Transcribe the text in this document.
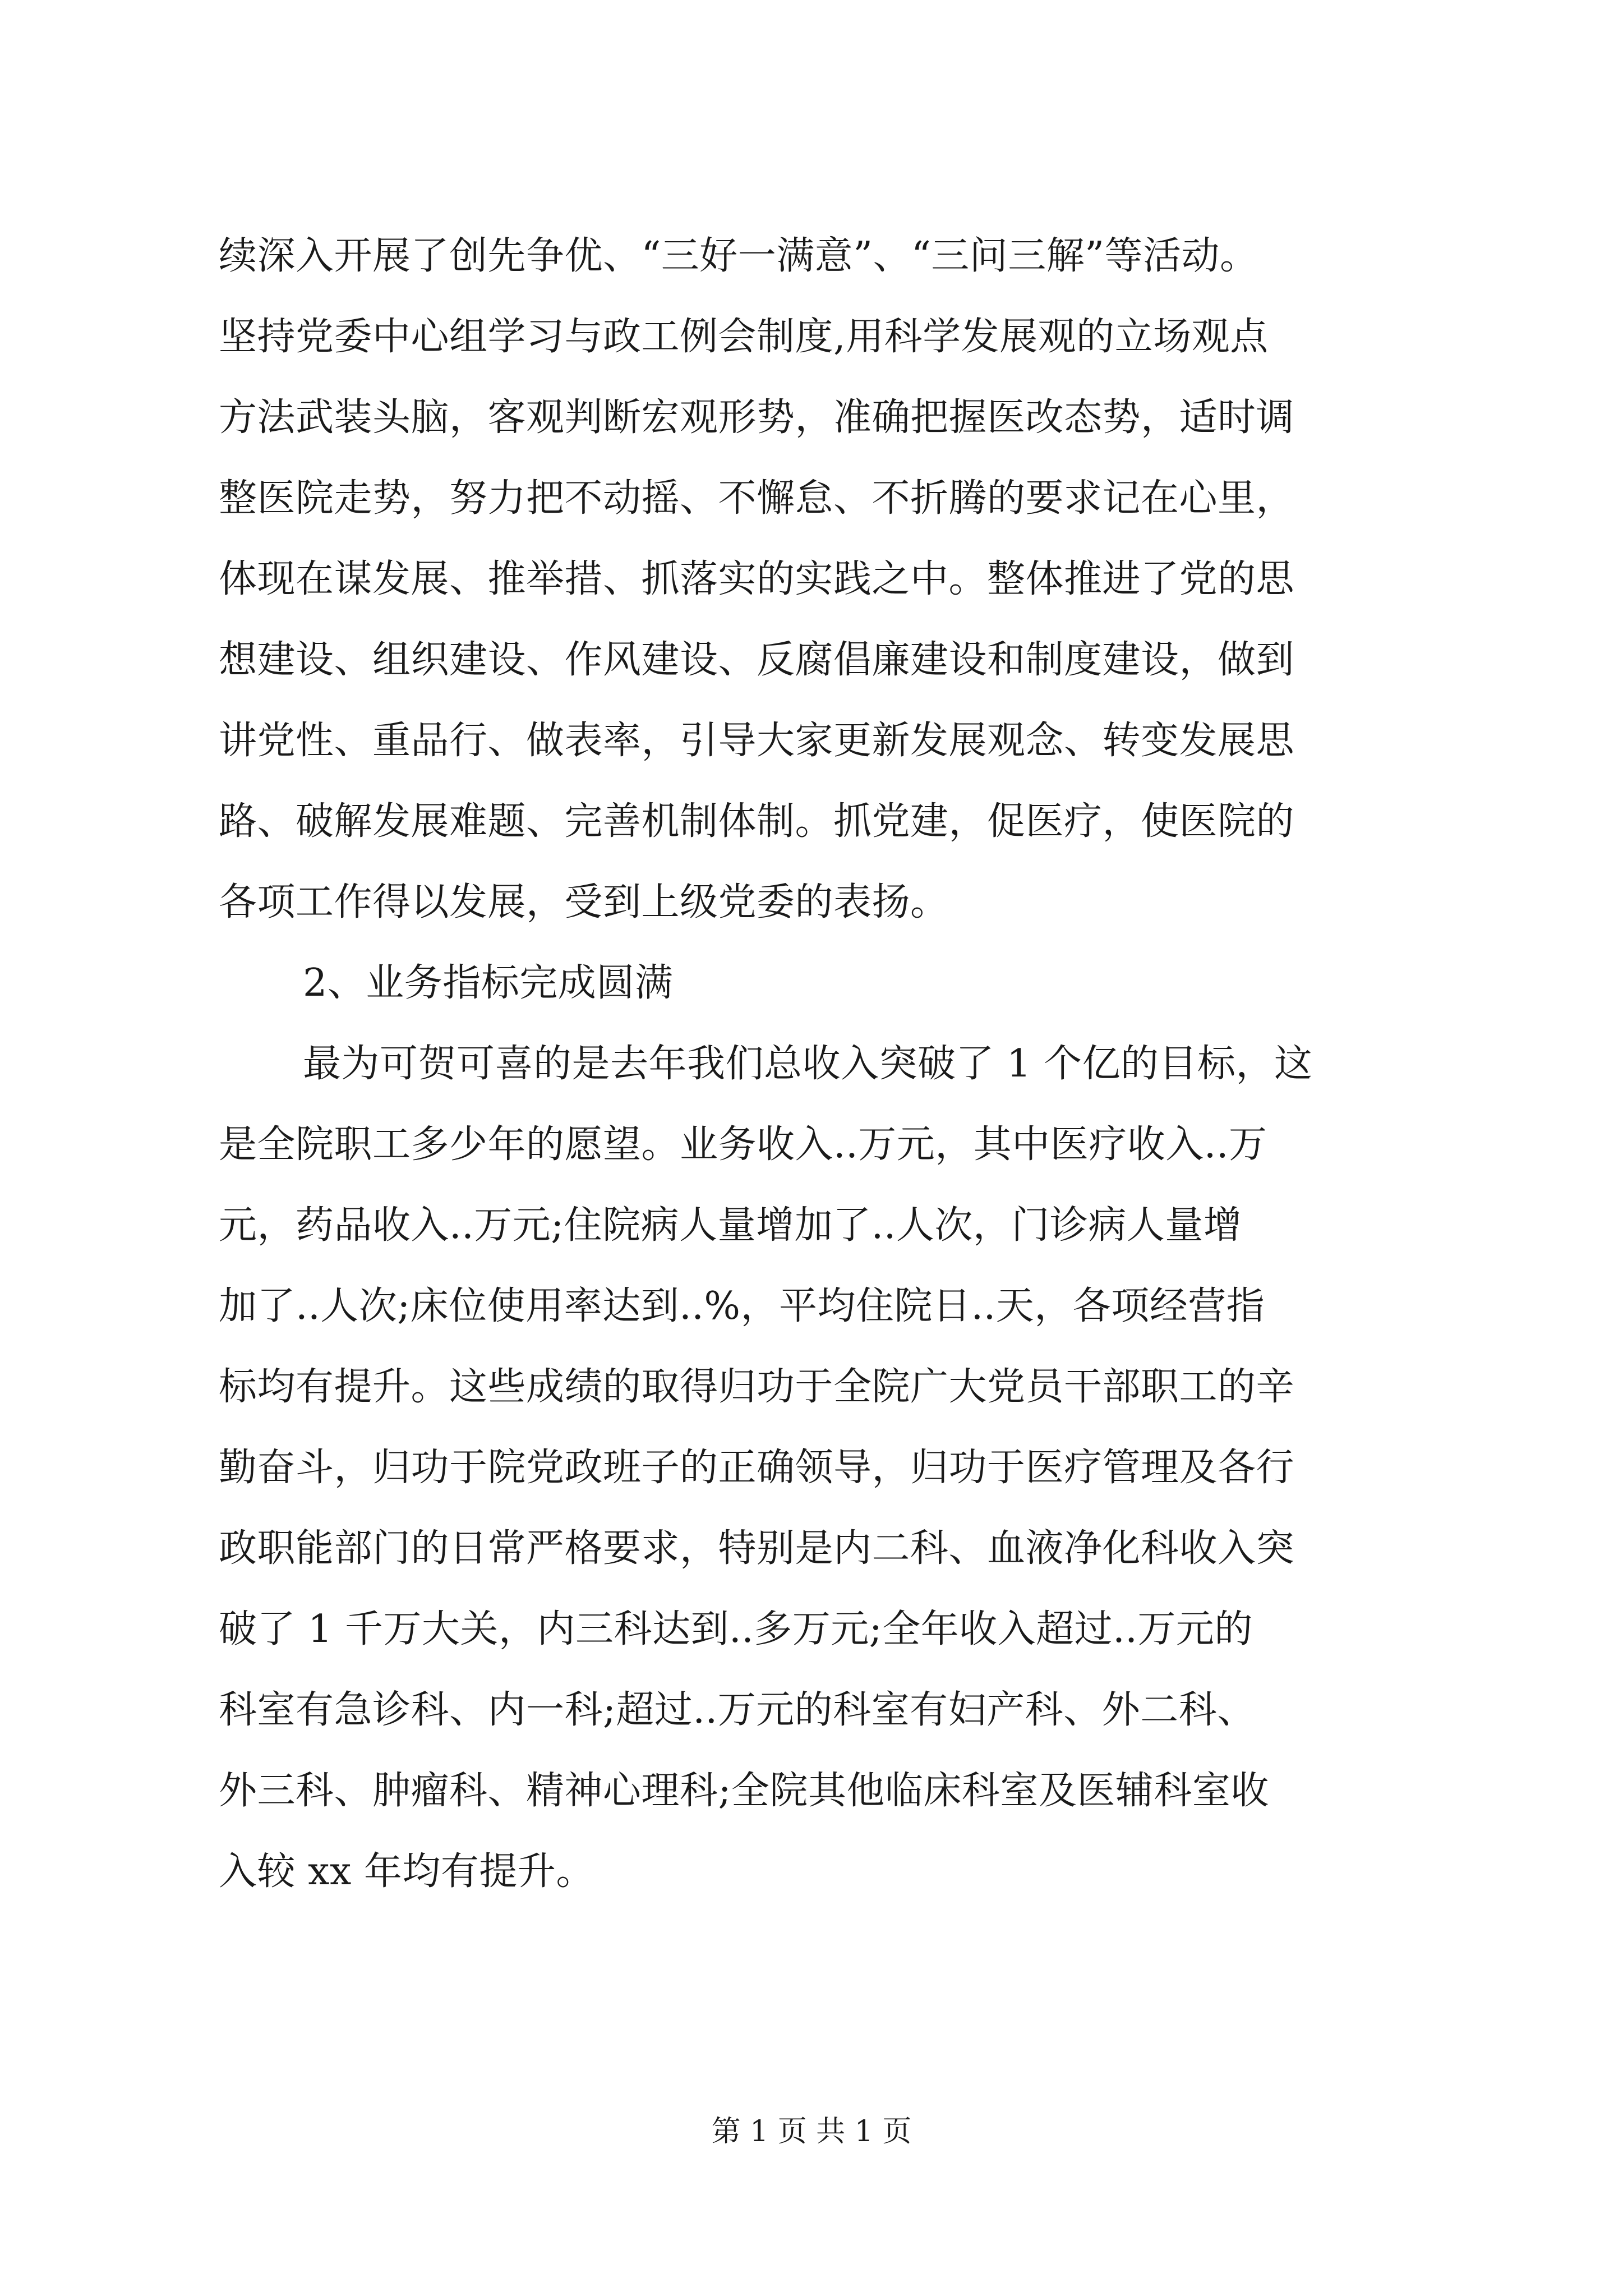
续深入开展了创先争优、“三好一满意”、“三问三解”等活动。
坚持党委中心组学习与政工例会制度,用科学发展观的立场观点
方法武装头脑，客观判断宏观形势，准确把握医改态势，适时调
整医院走势，努力把不动摇、不懈怠、不折腾的要求记在心里，
体现在谋发展、推举措、抓落实的实践之中。整体推进了党的思
想建设、组织建设、作风建设、反腐倡廉建设和制度建设，做到
讲党性、重品行、做表率，引导大家更新发展观念、转变发展思
路、破解发展难题、完善机制体制。抓党建，促医疗，使医院的
各项工作得以发展，受到上级党委的表扬。
2、业务指标完成圆满
最为可贺可喜的是去年我们总收入突破了 1 个亿的目标，这
是全院职工多少年的愿望。业务收入..万元，其中医疗收入..万
元，药品收入..万元;住院病人量增加了..人次，门诊病人量增
加了..人次;床位使用率达到..%，平均住院日..天，各项经营指
标均有提升。这些成绩的取得归功于全院广大党员干部职工的辛
勤奋斗，归功于院党政班子的正确领导，归功于医疗管理及各行
政职能部门的日常严格要求，特别是内二科、血液净化科收入突
破了 1 千万大关，内三科达到..多万元;全年收入超过..万元的
科室有急诊科、内一科;超过..万元的科室有妇产科、外二科、
外三科、肿瘤科、精神心理科;全院其他临床科室及医辅科室收
入较 xx 年均有提升。
第 1 页 共 1 页
